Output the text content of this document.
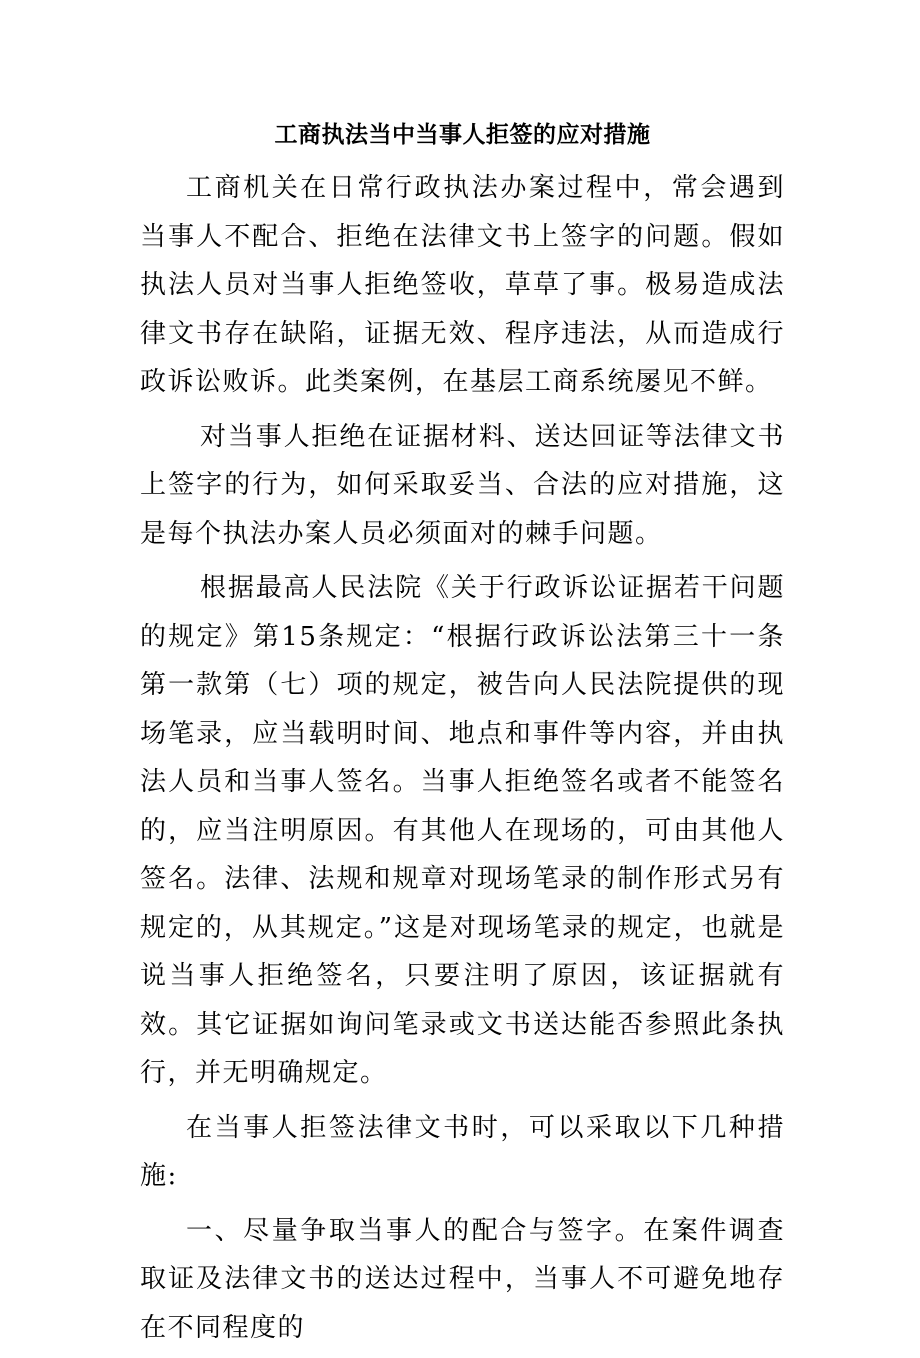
工商执法当中当事人拒签的应对措施

工商机关在日常行政执法办案过程中，常会遇到当事人不配合、拒绝在法律文书上签字的问题。假如执法人员对当事人拒绝签收，草草了事。极易造成法律文书存在缺陷，证据无效、程序违法，从而造成行政诉讼败诉。此类案例，在基层工商系统屡见不鲜。

对当事人拒绝在证据材料、送达回证等法律文书上签字的行为，如何采取妥当、合法的应对措施，这是每个执法办案人员必须面对的棘手问题。

根据最高人民法院《关于行政诉讼证据若干问题的规定》第15条规定：“根据行政诉讼法第三十一条第一款第（七）项的规定，被告向人民法院提供的现场笔录，应当载明时间、地点和事件等内容，并由执法人员和当事人签名。当事人拒绝签名或者不能签名的，应当注明原因。有其他人在现场的，可由其他人签名。法律、法规和规章对现场笔录的制作形式另有规定的，从其规定。”这是对现场笔录的规定，也就是说当事人拒绝签名，只要注明了原因，该证据就有效。其它证据如询问笔录或文书送达能否参照此条执行，并无明确规定。

在当事人拒签法律文书时，可以采取以下几种措施:

一、尽量争取当事人的配合与签字。在案件调查取证及法律文书的送达过程中，当事人不可避免地存在不同程度的
